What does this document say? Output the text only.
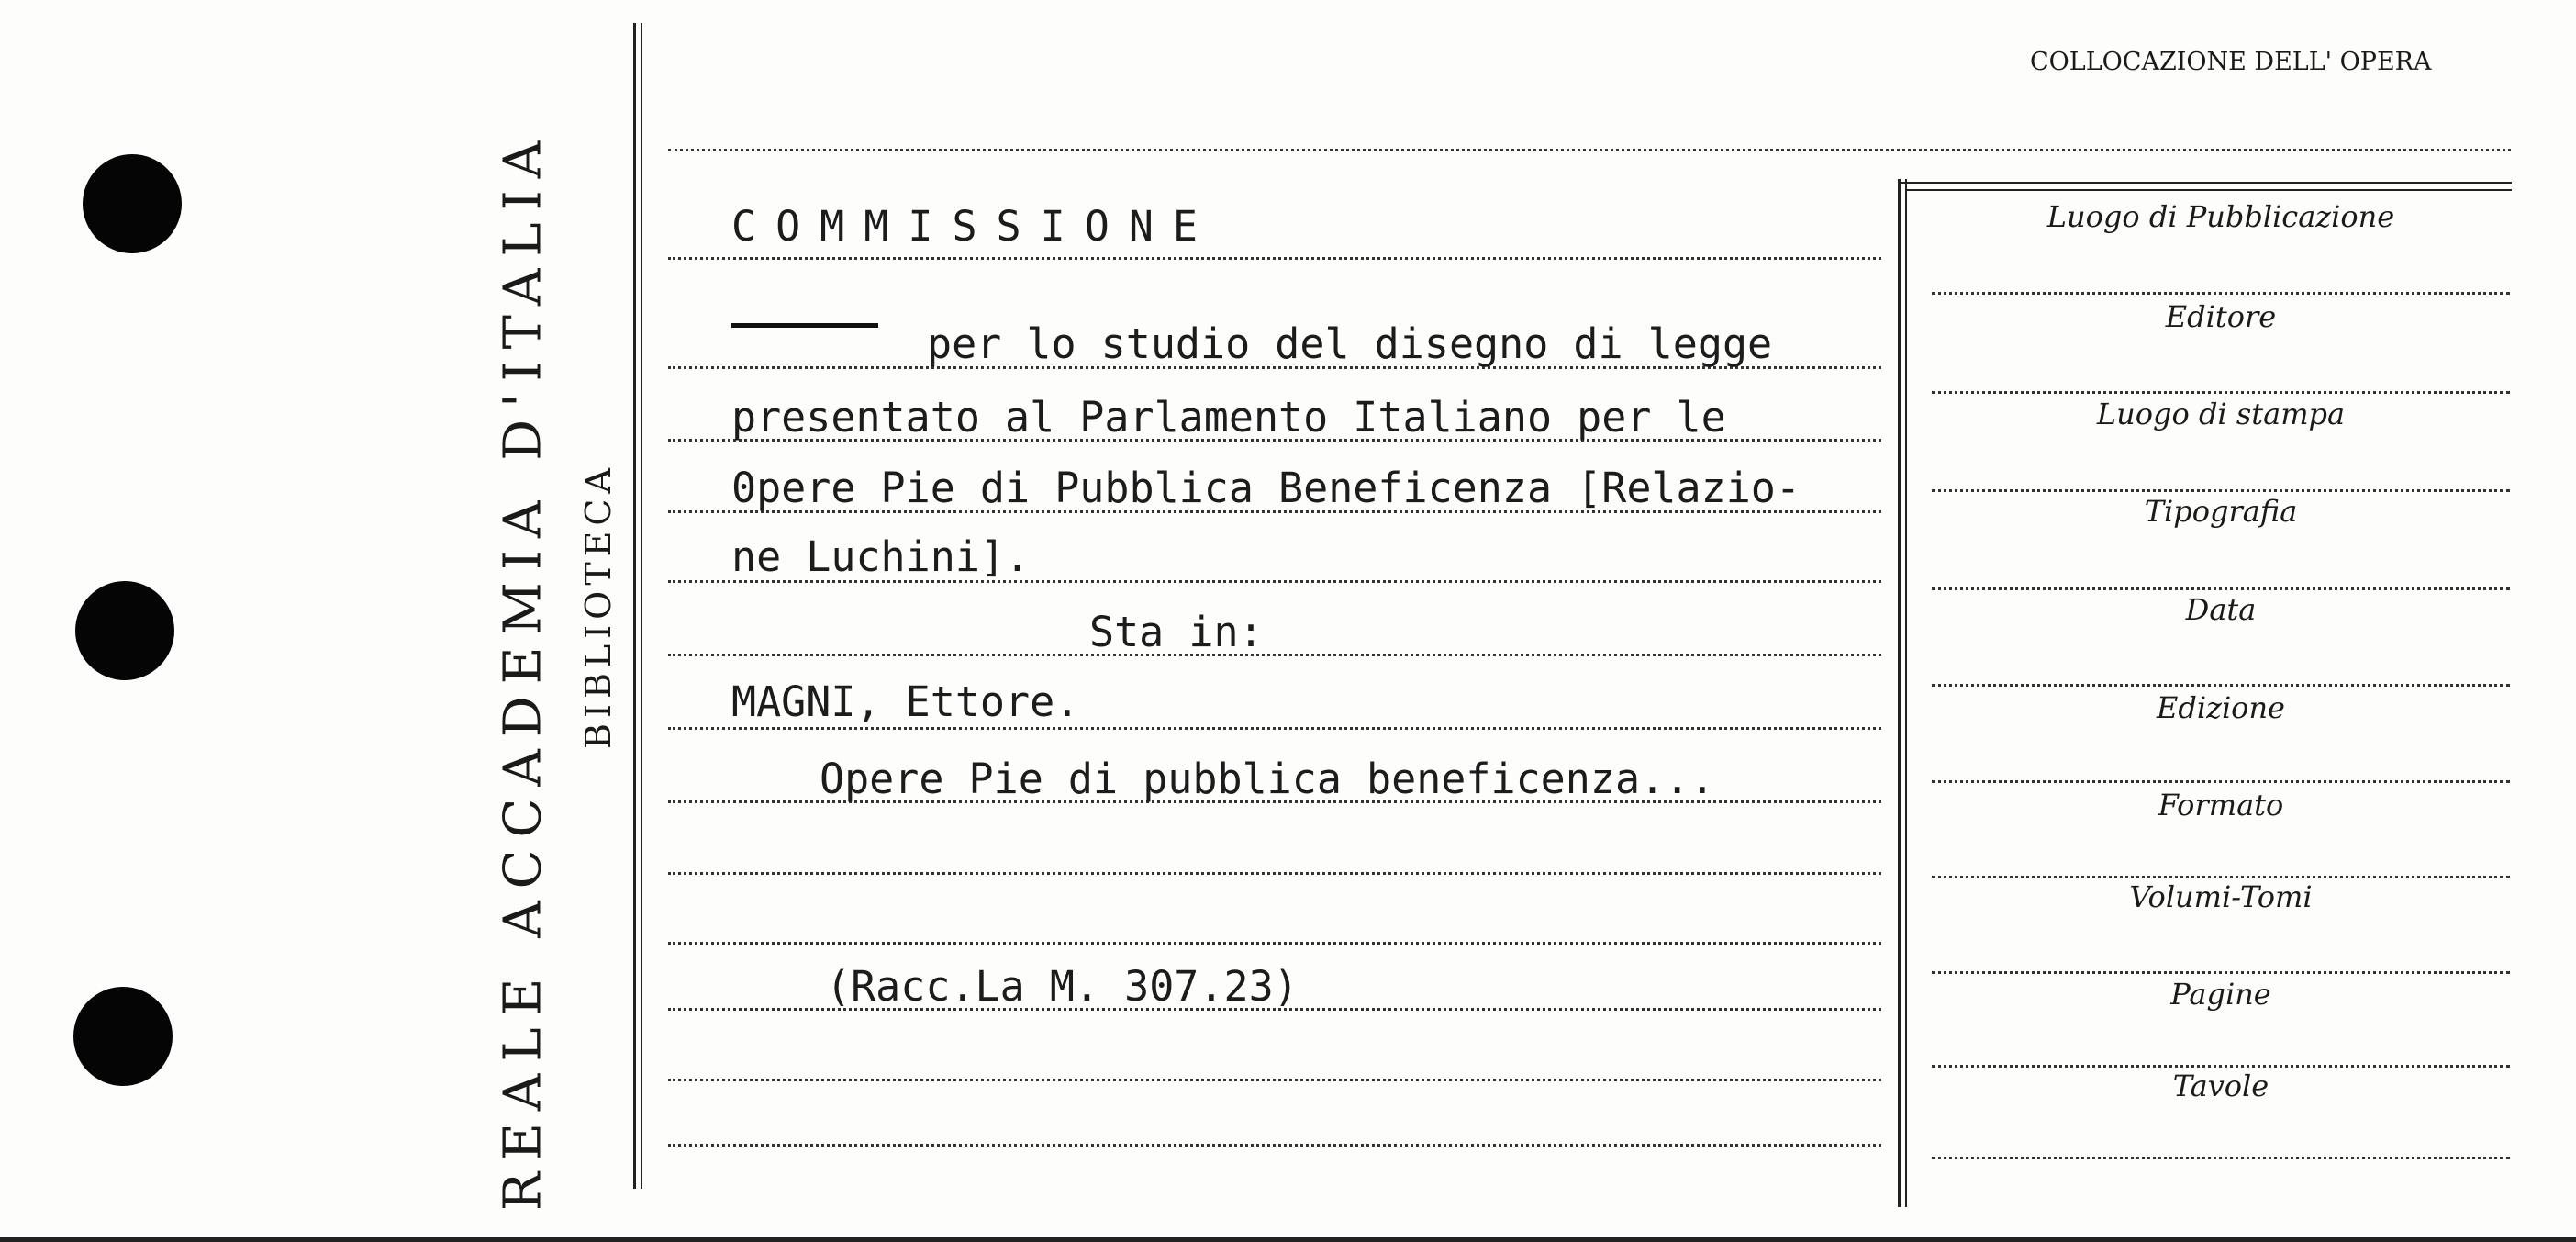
REALE ACCADEMIA D'ITALIA BIBLIOTECA
COLLOCAZIONE DELL' OPERA
COMMISSIONE
per lo studio del disegno di legge
presentato al Parlamento Italiano per le
0pere Pie di Pubblica Beneficenza [Relazio-
ne Luchini].
Sta in:
MAGNI, Ettore.
Opere Pie di pubblica beneficenza...
(Racc.La M. 307.23)
Luogo di Pubblicazione
Editore
Luogo di stampa
Tipografia
Data
Edizione
Formato
Volumi-Tomi
Pagine
Tavole
